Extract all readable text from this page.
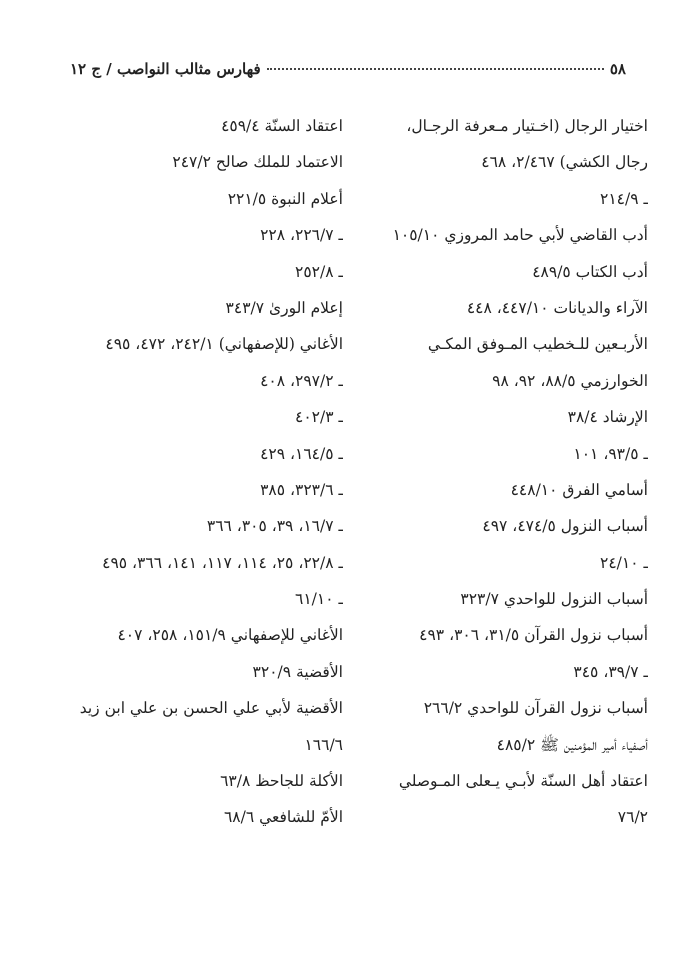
٥٨
فهارس مثالب النواصب / ج ١٢
اختيار الرجال (اخـتيار مـعرفة الرجـال،
رجال الكشي) ٢/٤٦٧، ٤٦٨
ـ ٢١٤/٩
أدب القاضي لأبي حامد المروزي ١٠٥/١٠
أدب الكتاب ٤٨٩/٥
الآراء والديانات ٤٤٧/١٠، ٤٤٨
الأربـعين للـخطيب المـوفق المكـي
الخوارزمي ٨٨/٥، ٩٢، ٩٨
الإرشاد ٣٨/٤
ـ ٩٣/٥، ١٠١
أسامي الفرق ٤٤٨/١٠
أسباب النزول ٤٧٤/٥، ٤٩٧
ـ ٢٤/١٠
أسباب النزول للواحدي ٣٢٣/٧
أسباب نزول القرآن ٣١/٥، ٣٠٦، ٤٩٣
ـ ٣٩/٧، ٣٤٥
أسباب نزول القرآن للواحدي ٢٦٦/٢
أصفياء أمير المؤمنين ﷺ ٤٨٥/٢
اعتقاد أهل السنّة لأبـي يـعلى المـوصلي
٧٦/٢
اعتقاد السنّة ٤٥٩/٤
الاعتماد للملك صالح ٢٤٧/٢
أعلام النبوة ٢٢١/٥
ـ ٢٢٦/٧، ٢٢٨
ـ ٢٥٢/٨
إعلام الورىٰ ٣٤٣/٧
الأغاني (للإصفهاني) ٢٤٢/١، ٤٧٢، ٤٩٥
ـ ٢٩٧/٢، ٤٠٨
ـ ٤٠٢/٣
ـ ١٦٤/٥، ٤٢٩
ـ ٣٢٣/٦، ٣٨٥
ـ ١٦/٧، ٣٩، ٣٠٥، ٣٦٦
ـ ٢٢/٨، ٢٥، ١١٤، ١١٧، ١٤١، ٣٦٦، ٤٩٥
ـ ٦١/١٠
الأغاني للإصفهاني ١٥١/٩، ٢٥٨، ٤٠٧
الأقضية ٣٢٠/٩
الأقضية لأبي علي الحسن بن علي ابن زيد
١٦٦/٦
الأكلة للجاحظ ٦٣/٨
الأمّ للشافعي ٦٨/٦
